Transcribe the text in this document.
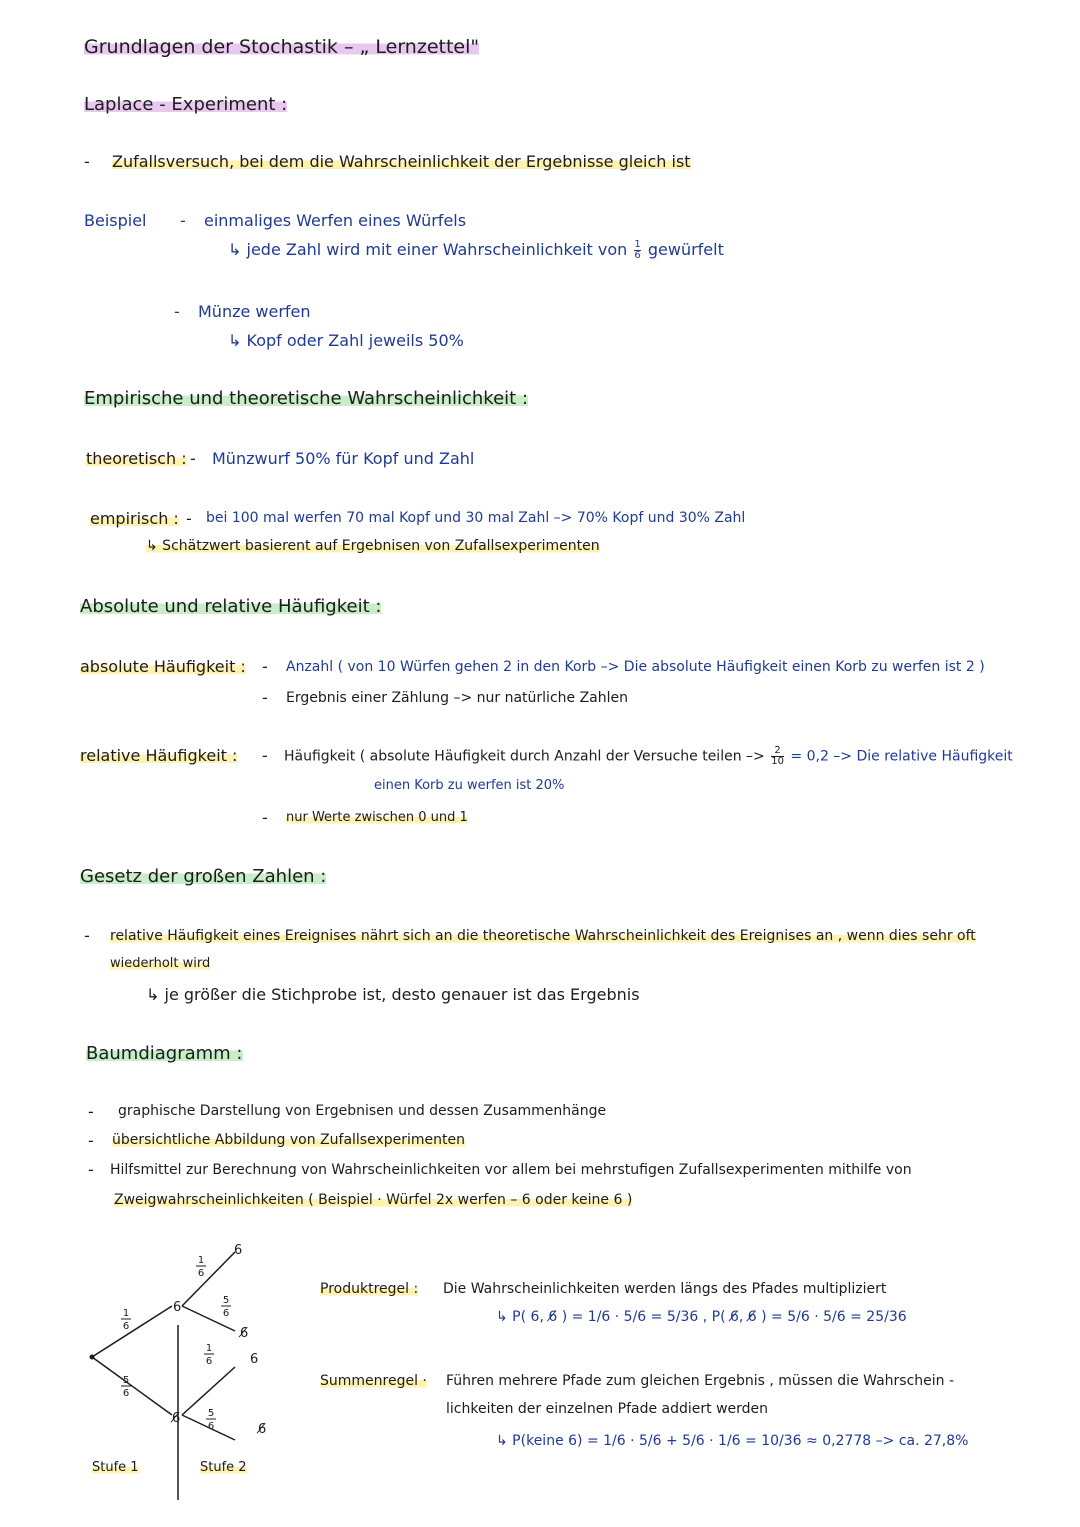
Grundlagen der Stochastik – „ Lernzettel"
Laplace - Experiment :
- Zufallsversuch, bei dem die Wahrscheinlichkeit der Ergebnisse gleich ist
Beispiel - einmaliges Werfen eines Würfels
↳ jede Zahl wird mit einer Wahrscheinlichkeit von $\frac{1}{6}$ gewürfelt
- Münze werfen
↳ Kopf oder Zahl jeweils 50%
Empirische und theoretische Wahrscheinlichkeit :
theoretisch : - Münzwurf 50% für Kopf und Zahl
empirisch : - bei 100 mal werfen 70 mal Kopf und 30 mal Zahl –> 70% Kopf und 30% Zahl
↳ Schätzwert basierent auf Ergebnisen von Zufallsexperimenten
Absolute und relative Häufigkeit :
absolute Häufigkeit : - Anzahl ( von 10 Würfen gehen 2 in den Korb –> Die absolute Häufigkeit einen Korb zu werfen ist 2 )
- Ergebnis einer Zählung –> nur natürliche Zahlen
relative Häufigkeit : - Häufigkeit ( absolute Häufigkeit durch Anzahl der Versuche teilen –> $\frac{2}{10} = 0,2$ –> Die relative Häufigkeit
einen Korb zu werfen ist 20%
- nur Werte zwischen 0 und 1
Gesetz der großen Zahlen :
- relative Häufigkeit eines Ereignises nährt sich an die theoretische Wahrscheinlichkeit des Ereignises an , wenn dies sehr oft
wiederholt wird
↳ je größer die Stichprobe ist, desto genauer ist das Ergebnis
Baumdiagramm :
- graphische Darstellung von Ergebnisen und dessen Zusammenhänge
- übersichtliche Abbildung von Zufallsexperimenten
- Hilfsmittel zur Berechnung von Wahrscheinlichkeiten vor allem bei mehrstufigen Zufallsexperimenten mithilfe von
Zweigwahrscheinlichkeiten ( Beispiel · Würfel 2x werfen – 6 oder keine 6 )
6
6̸
6
6̸
6
6̸
1
6
5
6
1
6
5
6
1
6
5
6
Stufe 1	Stufe 2
Produktregel : Die Wahrscheinlichkeiten werden längs des Pfades multipliziert
↳ P( 6, 6̸ ) = 1/6 · 5/6 = 5/36 , P( 6̸, 6̸ ) = 5/6 · 5/6 = 25/36
Summenregel · Führen mehrere Pfade zum gleichen Ergebnis , müssen die Wahrschein -
lichkeiten der einzelnen Pfade addiert werden
↳ P(keine 6) = 1/6 · 5/6 + 5/6 · 1/6 = 10/36 ≈ 0,2778 –> ca. 27,8%
